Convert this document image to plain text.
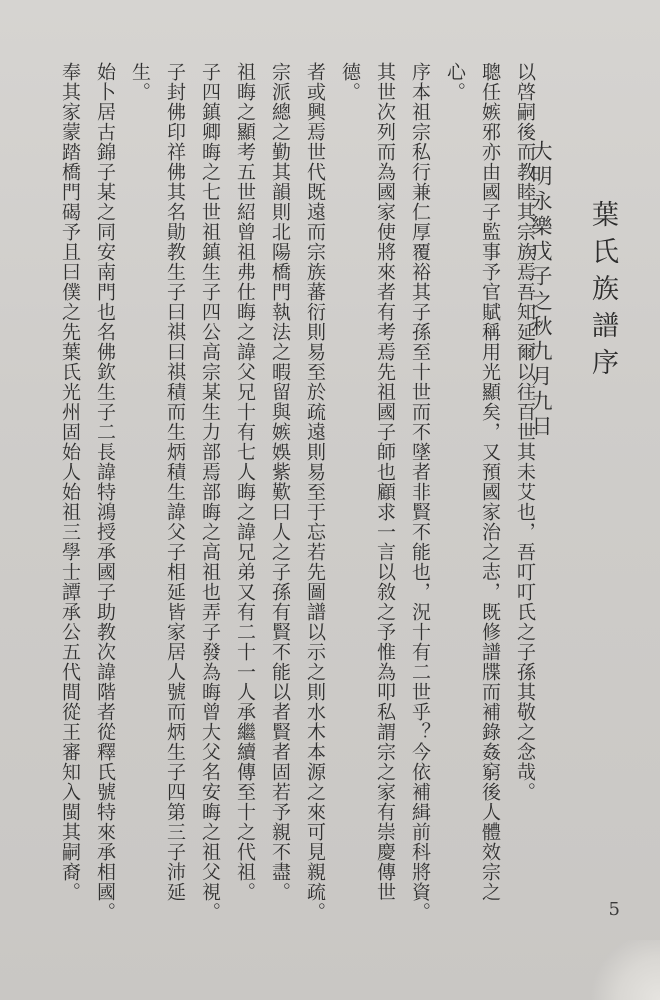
葉氏族譜序
大明永樂戊子之秋九月九日

以啓嗣後而教睦其宗族焉吾知延爾以往百世其未艾也，吾叮叮氏之子孫其敬之念哉。
聰任嫉邪亦由國子監事予官賦稱用光顯矣，又預國家治之志，既修譜牒而補錄姦窮後人體效宗之心。
序本祖宗私行兼仁厚覆裕其子孫至十世而不墜者非賢不能也，況十有二世乎？今依補緝前科將資。
其世次列而為國家使將來者有考焉先祖國子師也顧求一言以敘之予惟為叩私謂宗之家有崇慶傳世德。
者或興焉世代既遠而宗族蕃衍則易至於疏遠則易至于忘若先圖譜以示之則水木本源之來可見親疏。
宗派總之勤其韻則北陽橋門執法之暇留與嫉娛紫歎曰人之子孫有賢不能以者賢者固若予親不盡。
祖晦之顯考五世紹曾祖弗仕晦之諱父兄十有七人晦之諱兄弟又有二十一人承繼續傳至十之代祖。
子四鎮卿晦之七世祖鎮生子四公高宗某生力部焉部晦之高祖也弄子發為晦曾大父名安晦之祖父視。
子封佛印祥佛其名勛教生子曰祺曰祺積而生炳積生諱父子相延皆家居人號而炳生子四第三子沛延生。
始卜居古錦子某之同安南門也名佛欽生子二長諱特鴻授承國子助教次諱階者從釋氏號特來承相國。
奉其家蒙踏橋門碣予且曰僕之先葉氏光州固始人始祖三學士譚承公五代間從王審知入閩其嗣裔。

5
